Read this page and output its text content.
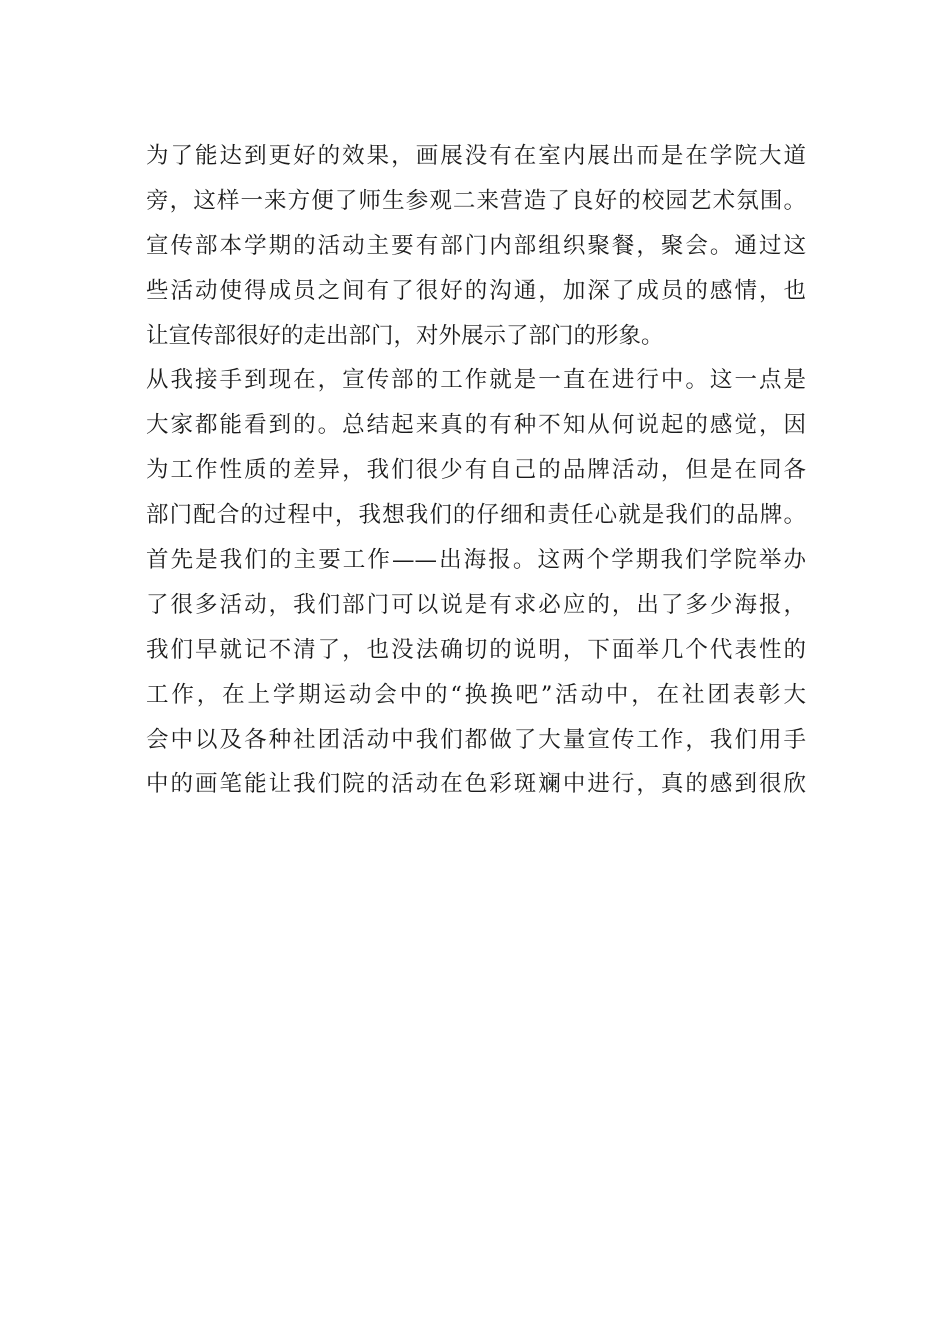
为了能达到更好的效果，画展没有在室内展出而是在学院大道
旁，这样一来方便了师生参观二来营造了良好的校园艺术氛围。
宣传部本学期的活动主要有部门内部组织聚餐，聚会。通过这
些活动使得成员之间有了很好的沟通，加深了成员的感情，也
让宣传部很好的走出部门，对外展示了部门的形象。
从我接手到现在，宣传部的工作就是一直在进行中。这一点是
大家都能看到的。总结起来真的有种不知从何说起的感觉，因
为工作性质的差异，我们很少有自己的品牌活动，但是在同各
部门配合的过程中，我想我们的仔细和责任心就是我们的品牌。
首先是我们的主要工作——出海报。这两个学期我们学院举办
了很多活动，我们部门可以说是有求必应的，出了多少海报，
我们早就记不清了，也没法确切的说明，下面举几个代表性的
工作，在上学期运动会中的“换换吧”活动中，在社团表彰大
会中以及各种社团活动中我们都做了大量宣传工作，我们用手
中的画笔能让我们院的活动在色彩斑斓中进行，真的感到很欣
